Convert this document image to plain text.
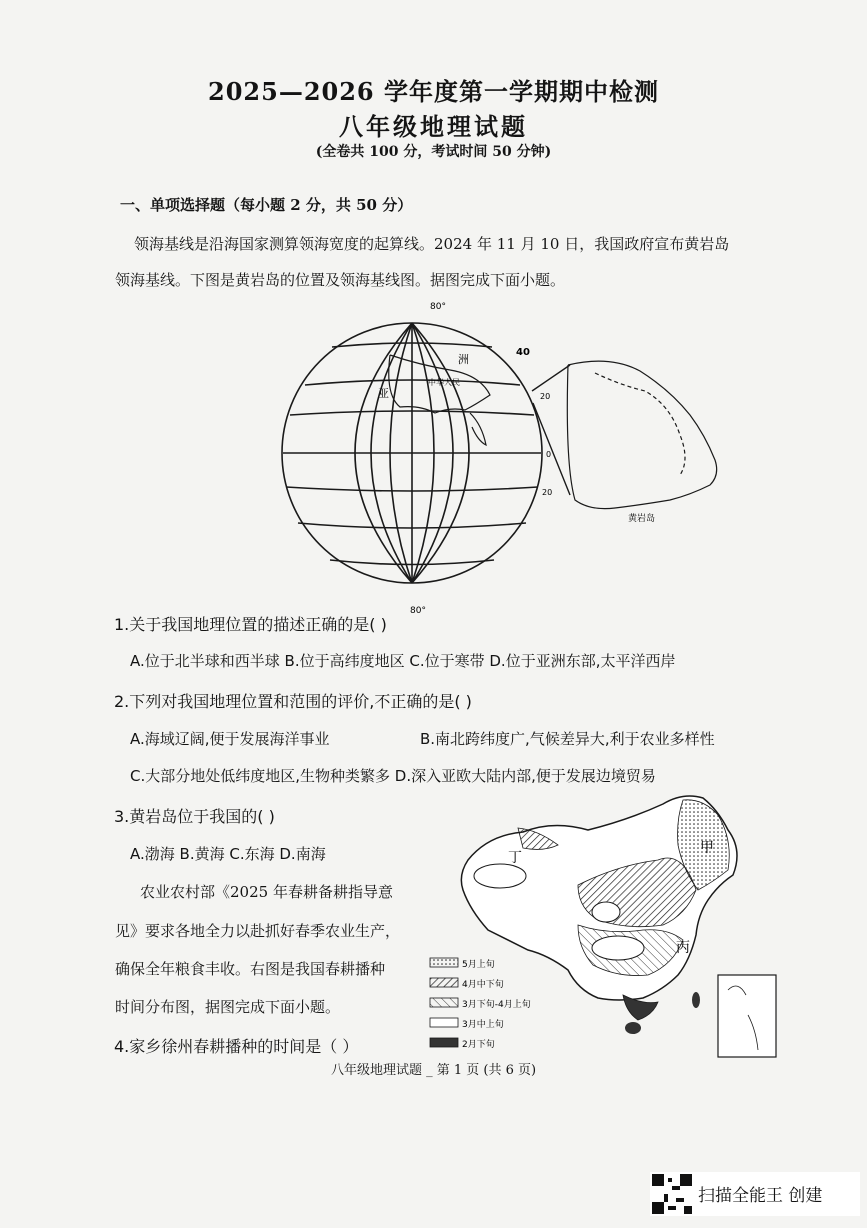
2025—2026 学年度第一学期期中检测
八年级地理试题
(全卷共 100 分，考试时间 50 分钟)
一、单项选择题（每小题 2 分，共 50 分）
领海基线是沿海国家测算领海宽度的起算线。2024 年 11 月 10 日，我国政府宣布黄岩岛
领海基线。下图是黄岩岛的位置及领海基线图。据图完成下面小题。
80°
亚
洲
中华人民
40
20
0
20
黄岩岛
80°
1.关于我国地理位置的描述正确的是( )
A.位于北半球和西半球 B.位于高纬度地区 C.位于寒带 D.位于亚洲东部,太平洋西岸
2.下列对我国地理位置和范围的评价,不正确的是( )
A.海域辽阔,便于发展海洋事业	B.南北跨纬度广,气候差异大,利于农业多样性
C.大部分地处低纬度地区,生物种类繁多 D.深入亚欧大陆内部,便于发展边境贸易
3.黄岩岛位于我国的( )
A.渤海 B.黄海 C.东海 D.南海
农业农村部《2025 年春耕备耕指导意
见》要求各地全力以赴抓好春季农业生产，
确保全年粮食丰收。右图是我国春耕播种
时间分布图，据图完成下面小题。
4.家乡徐州春耕播种的时间是（ ）
丁
甲
丙
5月上旬
4月中下旬
3月下旬-4月上旬
3月中上旬
2月下旬
八年级地理试题 _ 第 1 页 (共 6 页)
扫描全能王 创建
